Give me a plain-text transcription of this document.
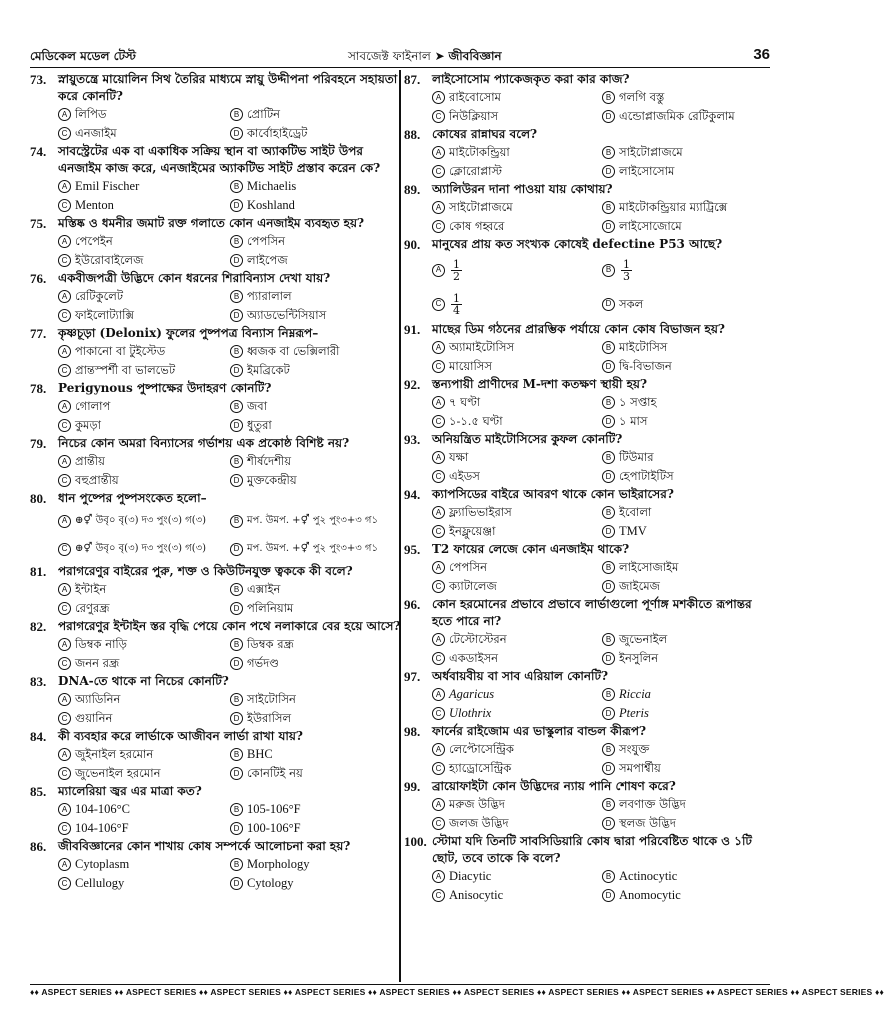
মেডিকেল মডেল টেস্ট	সাবজেক্ট ফাইনাল ➤ জীববিজ্ঞান	36
73. স্নায়ুতন্ত্রে মায়োলিন সিথ তৈরির মাধ্যমে স্নায়ু উদ্দীপনা পরিবহনে সহায়তা করে কোনটি?
A লিপিড	B প্রোটিন
C এনজাইম	D কার্বোহাইড্রেট
74. সাবস্ট্রেটের এক বা একাধিক সক্রিয় স্থান বা অ্যাকটিভ সাইট উপর এনজাইম কাজ করে, এনজাইমের অ্যাকটিভ সাইট প্রস্তাব করেন কে?
A Emil Fischer	B Michaelis
C Menton	D Koshland
75. মস্তিষ্ক ও ধমনীর জমাট রক্ত গলাতে কোন এনজাইম ব্যবহৃত হয়?
A পেপেইন	B পেপসিন
C ইউরোবাইলেজ	D লাইপেজ
76. একবীজপত্রী উদ্ভিদে কোন ধরনের শিরাবিন্যাস দেখা যায়?
A রেটিকুলেট	B প্যারালাল
C ফাইলোট্যাক্সি	D অ্যাডভেন্টিসিয়াস
77. কৃষ্ণচূড়া (Delonix) ফুলের পুষ্পপত্র বিন্যাস নিম্নরূপ–
A পাকানো বা টুইস্টেড	B ধ্বজক বা ভেক্সিলারী
C প্রান্তস্পর্শী বা ভালভেট	D ইমব্রিকেট
78. Perigynous পুষ্পাক্ষের উদাহরণ কোনটি?
A গোলাপ	B জবা
C কুমড়া	D ধুতুরা
79. নিচের কোন অমরা বিন্যাসের গর্ভাশয় এক প্রকোষ্ঠ বিশিষ্ট নয়?
A প্রান্তীয়	B শীর্ষদেশীয়
C বহুপ্রান্তীয়	D মুক্তকেন্দ্রীয়
80. ধান পুষ্পের পুষ্পসংকেত হলো–
A ⊕⚥ উবৃ০ বৃ(৩) দ৩ পুং(৩) গ(৩)	B মপ. উমপ. +⚥ পু২ পুং৩+৩ গ১
C ⊕⚥ উবৃ০ বৃ(৩) দ৩ পুং(৩) গ(৩)	D মপ. উমপ. +⚥ পু২ পুং৩+৩ গ১
81. পরাগরেণুর বাইরের পুরু, শক্ত ও কিউটিনযুক্ত ত্বককে কী বলে?
A ইন্টাইন	B এক্সাইন
C রেণুরন্ধ্র	D পলিনিয়াম
82. পরাগরেণুর ইন্টাইন স্তর বৃদ্ধি পেয়ে কোন পথে নলাকারে বের হয়ে আসে?
A ডিম্বক নাড়ি	B ডিম্বক রন্ধ্র
C জনন রন্ধ্র	D গর্ভদণ্ড
83. DNA-তে থাকে না নিচের কোনটি?
A অ্যাডিনিন	B সাইটোসিন
C গুয়ানিন	D ইউরাসিল
84. কী ব্যবহার করে লার্ভাকে আজীবন লার্ভা রাখা যায়?
A জুইনাইল হরমোন	B BHC
C জুভেনাইল হরমোন	D কোনটিই নয়
85. ম্যালেরিয়া জ্বর এর মাত্রা কত?
A 104-106°C	B 105-106°F
C 104-106°F	D 100-106°F
86. জীববিজ্ঞানের কোন শাখায় কোষ সম্পর্কে আলোচনা করা হয়?
A Cytoplasm	B Morphology
C Cellulogy	D Cytology
87. লাইসোসোম প্যাকেজকৃত করা কার কাজ?
A রাইবোসোম	B গলগি বস্তু
C নিউক্লিয়াস	D এন্ডোপ্লাজমিক রেটিকুলাম
88. কোষের রান্নাঘর বলে?
A মাইটোকন্ড্রিয়া	B সাইটোপ্লাজমে
C ক্লোরোপ্লাস্ট	D লাইসোসোম
89. অ্যালিউরন দানা পাওয়া যায় কোথায়?
A সাইটোপ্লাজমে	B মাইটোকন্ড্রিয়ার ম্যাট্রিক্সে
C কোষ গহ্বরে	D লাইসোজোমে
90. মানুষের প্রায় কত সংখ্যক কোষেই defectine P53 আছে?
A $\frac{1}{2}$	B $\frac{1}{3}$
C $\frac{1}{4}$	D সকল
91. মাছের ডিম গঠনের প্রারম্ভিক পর্যায়ে কোন কোষ বিভাজন হয়?
A অ্যামাইটোসিস	B মাইটোসিস
C মায়োসিস	D দ্বি-বিভাজন
92. স্তন্যপায়ী প্রাণীদের M-দশা কতক্ষণ স্থায়ী হয়?
A ৭ ঘণ্টা	B ১ সপ্তাহ
C ১-১.৫ ঘণ্টা	D ১ মাস
93. অনিয়ন্ত্রিত মাইটোসিসের কুফল কোনটি?
A যক্ষা	B টিউমার
C এইডস	D হেপাটাইটিস
94. ক্যাপসিডের বাইরে আবরণ থাকে কোন ভাইরাসের?
A ফ্ল্যাভিভাইরাস	B ইবোলা
C ইনফ্লুয়েঞ্জা	D TMV
95. T2 ফায়ের লেজে কোন এনজাইম থাকে?
A পেপসিন	B লাইসোজাইম
C ক্যাটালেজ	D জাইমেজ
96. কোন হরমোনের প্রভাবে প্রভাবে লার্ভাগুলো পূর্ণাঙ্গ মশকীতে রূপান্তর হতে পারে না?
A টেস্টোস্টেরন	B জুভেনাইল
C একডাইসন	D ইনসুলিন
97. অর্ধবায়বীয় বা সাব এরিয়াল কোনটি?
A Agaricus	B Riccia
C Ulothrix	D Pteris
98. ফার্নের রাইজোম এর ভাস্কুলার বান্ডল কীরূপ?
A লেপ্টোসেন্ট্রিক	B সংযুক্ত
C হ্যাড্রোসেন্ট্রিক	D সমপার্শ্বীয়
99. ব্রায়োফাইটা কোন উদ্ভিদের ন্যায় পানি শোষণ করে?
A মরুজ উদ্ভিদ	B লবণাক্ত উদ্ভিদ
C জলজ উদ্ভিদ	D স্থলজ উদ্ভিদ
100. স্টোমা যদি তিনটি সাবসিডিয়ারি কোষ দ্বারা পরিবেষ্টিত থাকে ও ১টি ছোট, তবে তাকে কি বলে?
A Diacytic	B Actinocytic
C Anisocytic	D Anomocytic
♦♦ ASPECT SERIES ♦♦ ASPECT SERIES ♦♦ ASPECT SERIES ♦♦ ASPECT SERIES ♦♦ ASPECT SERIES ♦♦ ASPECT SERIES ♦♦ ASPECT SERIES ♦♦ ASPECT SERIES ♦♦ ASPECT SERIES ♦♦ ASPECT SERIES ♦♦
